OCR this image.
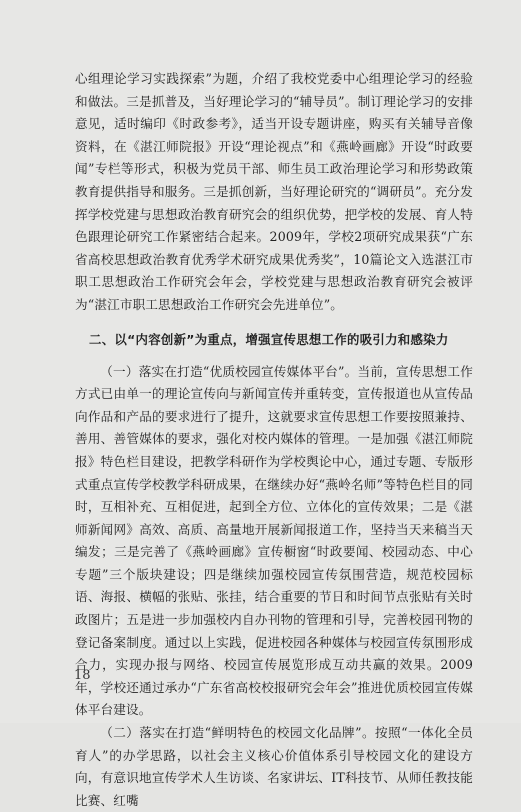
心组理论学习实践探索”为题，介绍了我校党委中心组理论学习的经验和做法。三是抓普及，当好理论学习的“辅导员”。制订理论学习的安排意见，适时编印《时政参考》，适当开设专题讲座，购买有关辅导音像资料，在《湛江师院报》开设“理论视点”和《燕岭画廊》开设“时政要闻”专栏等形式，积极为党员干部、师生员工政治理论学习和形势政策教育提供指导和服务。三是抓创新，当好理论研究的“调研员”。充分发挥学校党建与思想政治教育研究会的组织优势，把学校的发展、育人特色跟理论研究工作紧密结合起来。2009年，学校2项研究成果获“广东省高校思想政治教育优秀学术研究成果优秀奖”，10篇论文入选湛江市职工思想政治工作研究会年会，学校党建与思想政治教育研究会被评为“湛江市职工思想政治工作研究会先进单位”。

二、以“内容创新”为重点，增强宣传思想工作的吸引力和感染力

（一）落实在打造“优质校园宣传媒体平台”。当前，宣传思想工作方式已由单一的理论宣传向与新闻宣传并重转变，宣传报道也从宣传品向作品和产品的要求进行了提升，这就要求宣传思想工作要按照兼持、善用、善管媒体的要求，强化对校内媒体的管理。一是加强《湛江师院报》特色栏目建设，把教学科研作为学校舆论中心，通过专题、专版形式重点宣传学校教学科研成果，在继续办好“燕岭名师”等特色栏目的同时，互相补充、互相促进，起到全方位、立体化的宣传效果；二是《湛师新闻网》高效、高质、高量地开展新闻报道工作，坚持当天来稿当天编发；三是完善了《燕岭画廊》宣传橱窗“时政要闻、校园动态、中心专题”三个版块建设；四是继续加强校园宣传氛围营造，规范校园标语、海报、横幅的张贴、张挂，结合重要的节日和时间节点张贴有关时政图片；五是进一步加强校内自办刊物的管理和引导，完善校园刊物的登记备案制度。通过以上实践，促进校园各种媒体与校园宣传氛围形成合力，实现办报与网络、校园宣传展览形成互动共赢的效果。2009年，学校还通过承办“广东省高校校报研究会年会”推进优质校园宣传媒体平台建设。

（二）落实在打造“鲜明特色的校园文化品牌”。按照“一体化全员育人”的办学思路，以社会主义核心价值体系引导校园文化的建设方向，有意识地宣传学术人生访谈、名家讲坛、IT科技节、从师任教技能比赛、红嘴

18
